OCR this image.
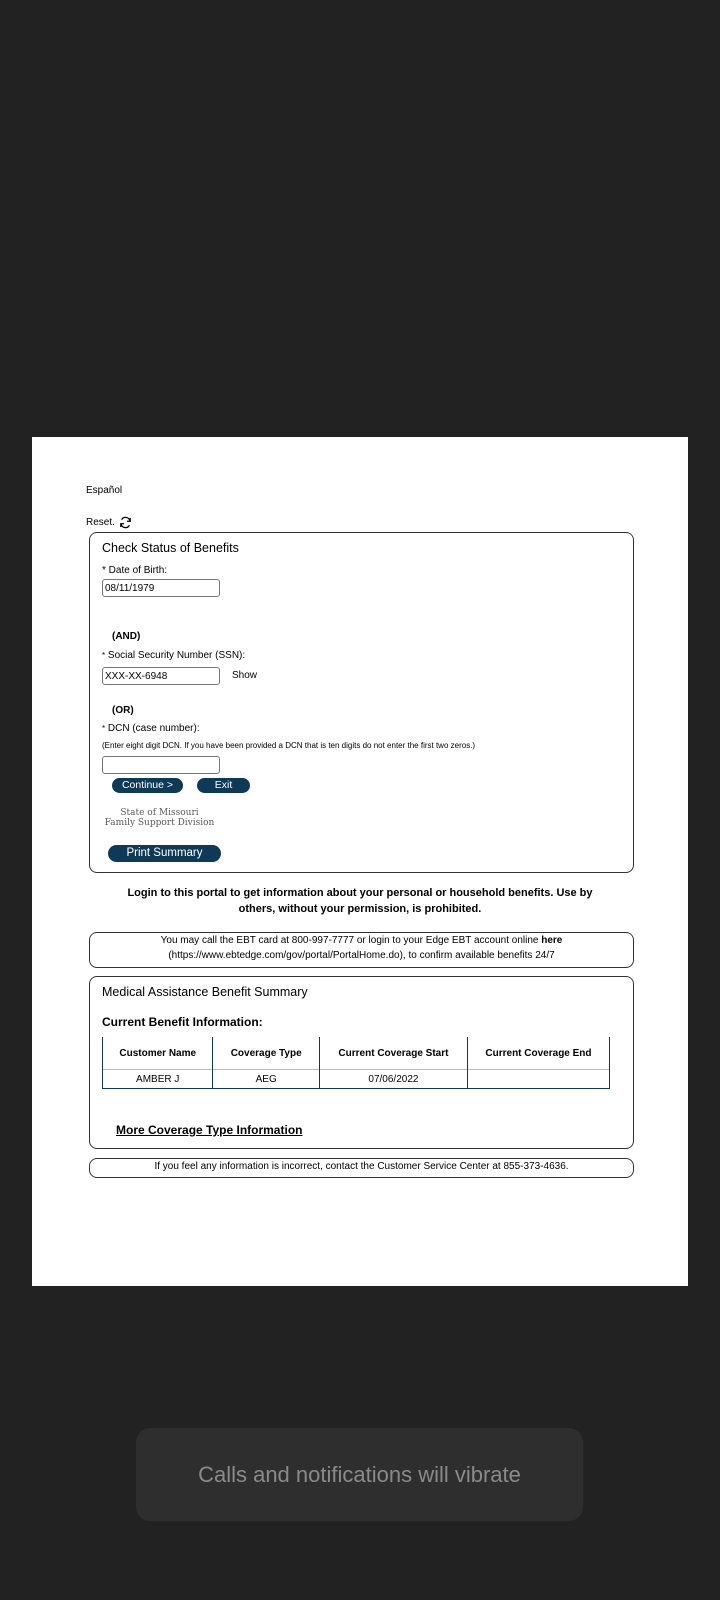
Español
Reset.
Check Status of Benefits
* Date of Birth:
08/11/1979
(AND)
* Social Security Number (SSN):
XXX-XX-6948	Show
(OR)
* DCN (case number):
(Enter eight digit DCN. If you have been provided a DCN that is ten digits do not enter the first two zeros.)
Continue >	Exit
State of Missouri
Family Support Division
Print Summary
Login to this portal to get information about your personal or household benefits. Use by others, without your permission, is prohibited.
You may call the EBT card at 800-997-7777 or login to your Edge EBT account online here
(https://www.ebtedge.com/gov/portal/PortalHome.do), to confirm available benefits 24/7
Medical Assistance Benefit Summary
Current Benefit Information:
Customer Name	Coverage Type	Current Coverage Start	Current Coverage End
AMBER J	AEG	07/06/2022	
More Coverage Type Information
If you feel any information is incorrect, contact the Customer Service Center at 855-373-4636.
Calls and notifications will vibrate
